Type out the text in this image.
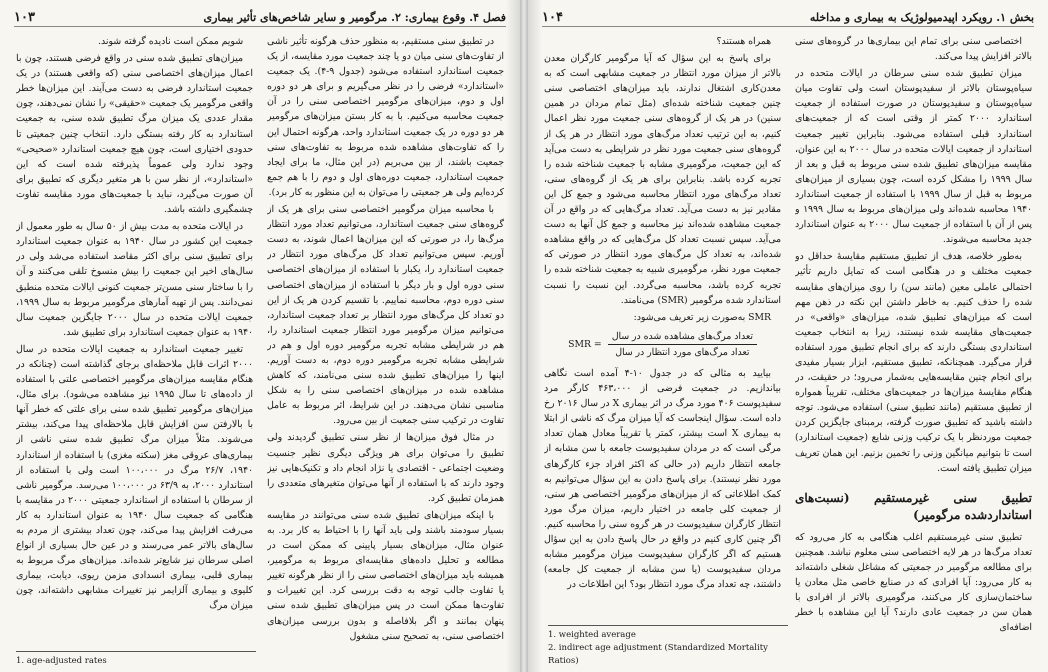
فصل ۴. وقوع بیماری: ۲. مرگومیر و سایر شاخص‌های تأثیر بیماری
۱۰۳

در تطبیق سنی مستقیم، به منظور حذف هرگونه تأثیر ناشی از تفاوت‌های سنی میان دو یا چند جمعیت مورد مقایسه، از یک جمعیت استاندارد استفاده می‌شود (جدول ۹-۴). یک جمعیت «استاندارد» فرضی را در نظر می‌گیریم و برای هر دو دوره اول و دوم، میزان‌های مرگومیر اختصاصی سنی را در آن جمعیت محاسبه می‌کنیم. با به کار بستن میزان‌های مرگومیر هر دو دوره در یک جمعیت استاندارد واحد، هرگونه احتمال این را که تفاوت‌های مشاهده شده مربوط به تفاوت‌های سنی جمعیت باشند، از بین می‌بریم (در این مثال، ما برای ایجاد جمعیت استاندارد، جمعیت دوره‌های اول و دوم را با هم جمع کرده‌ایم ولی هر جمعیتی را می‌توان به این منظور به کار برد).

با محاسبه میزان مرگومیر اختصاصی سنی برای هر یک از گروه‌های سنی جمعیت استاندارد، می‌توانیم تعداد مورد انتظار مرگ‌ها را، در صورتی که این میزان‌ها اعمال شوند، به دست آوریم. سپس می‌توانیم تعداد کل مرگ‌های مورد انتظار در جمعیت استاندارد را، یکبار با استفاده از میزان‌های اختصاصی سنی دوره اول و بار دیگر با استفاده از میزان‌های اختصاصی سنی دوره دوم، محاسبه نماییم. با تقسیم کردن هر یک از این دو تعداد کل مرگ‌های مورد انتظار بر تعداد جمعیت استاندارد، می‌توانیم میزان مرگومیر مورد انتظار جمعیت استاندارد را، هم در شرایطی مشابه تجربه مرگومیر دوره اول و هم در شرایطی مشابه تجربه مرگومیر دوره دوم، به دست آوریم. اینها را میزان‌های تطبیق شده سنی می‌نامند، که کاهش مشاهده شده در میزان‌های اختصاصی سنی را به شکل مناسبی نشان می‌دهند. در این شرایط، اثر مربوط به عامل تفاوت در ترکیب سنی جمعیت از بین می‌رود.

در مثال فوق میزان‌ها از نظر سنی تطبیق گردیدند ولی تطبیق را می‌توان برای هر ویژگی دیگری نظیر جنسیت وضعیت اجتماعی - اقتصادی یا نژاد انجام داد و تکنیک‌هایی نیز وجود دارند که با استفاده از آنها می‌توان متغیرهای متعددی را همزمان تطبیق کرد.

با اینکه میزان‌های تطبیق شده سنی می‌توانند در مقایسه بسیار سودمند باشند ولی باید آنها را با احتیاط به کار برد. به عنوان مثال، میزان‌های بسیار پایینی که ممکن است در مطالعه و تحلیل داده‌های مقایسه‌ای مربوط به مرگومیر، همیشه باید میزان‌های اختصاصی سنی را از نظر هرگونه تغییر یا تفاوت جالب توجه به دقت بررسی کرد. این تغییرات و تفاوت‌ها ممکن است در پس میزان‌های تطبیق شده سنی پنهان بمانند و اگر بلافاصله و بدون بررسی میزان‌های اختصاصی سنی، به تصحیح سنی مشغول

شویم ممکن است نادیده گرفته شوند.

میزان‌های تطبیق شده سنی در واقع فرضی هستند، چون با اعمال میزان‌های اختصاصی سنی (که واقعی هستند) در یک جمعیت استاندارد فرضی به دست می‌آیند. این میزان‌ها خطر واقعی مرگومیر یک جمعیت «حقیقی» را نشان نمی‌دهند، چون مقدار عددی یک میزان مرگ تطبیق شده سنی، به جمعیت استاندارد به کار رفته بستگی دارد. انتخاب چنین جمعیتی تا حدودی اختیاری است، چون هیچ جمعیت استاندارد «صحیحی» وجود ندارد ولی عموماً پذیرفته شده است که این «استاندارد»، از نظر سن با هر متغیر دیگری که تطبیق برای آن صورت می‌گیرد، نباید با جمعیت‌های مورد مقایسه تفاوت چشمگیری داشته باشد.

در ایالات متحده به مدت بیش از ۵۰ سال به طور معمول از جمعیت این کشور در سال ۱۹۴۰ به عنوان جمعیت استاندارد برای تطبیق سنی برای اکثر مقاصد استفاده می‌شد ولی در سال‌های اخیر این جمعیت را بیش منسوخ تلقی می‌کنند و آن را با ساختار سنی مسن‌تر جمعیت کنونی ایالات متحده منطبق نمی‌دانند. پس از تهیه آمارهای مرگومیر مربوط به سال ۱۹۹۹، جمعیت ایالات متحده در سال ۲۰۰۰ جایگزین جمعیت سال ۱۹۴۰ به عنوان جمعیت استاندارد برای تطبیق شد.

تغییر جمعیت استاندارد به جمعیت ایالات متحده در سال ۲۰۰۰ اثرات قابل ملاحظه‌ای برجای گذاشته است (چنانکه در هنگام مقایسه میزان‌های مرگومیر اختصاصی علتی با استفاده از داده‌های تا سال ۱۹۹۵ نیز مشاهده می‌شود). برای مثال، میزان‌های مرگومیر تطبیق شده سنی برای علتی که خطر آنها با بالارفتن سن افزایش قابل ملاحظه‌ای پیدا می‌کند، بیشتر می‌شوند. مثلاً میزان مرگ تطبیق شده سنی ناشی از بیماری‌های عروقی مغز (سکته مغزی) با استفاده از استاندارد ۱۹۴۰، ۲۶/۷ مرگ در ۱۰۰،۰۰۰ است ولی با استفاده از استاندارد ۲۰۰۰، به ۶۳/۹ در ۱۰۰،۰۰۰ می‌رسد. مرگومیر ناشی از سرطان با استفاده از استاندارد جمعیتی ۲۰۰۰ در مقایسه با هنگامی که جمعیت سال ۱۹۴۰ به عنوان استاندارد به کار می‌رفت افزایش پیدا می‌کند، چون تعداد بیشتری از مردم به سال‌های بالاتر عمر می‌رسند و در عین حال بسیاری از انواع اصلی سرطان نیز شایع‌تر شده‌اند. میزان‌های مرگ مربوط به بیماری قلبی، بیماری انسدادی مزمن ریوی، دیابت، بیماری کلیوی و بیماری آلزایمر نیز تغییرات مشابهی داشته‌اند، چون میزان مرگ

1. age-adjusted rates
بخش ۱. رویکرد اپیدمیولوژیک به بیماری و مداخله
۱۰۴

اختصاصی سنی برای تمام این بیماری‌ها در گروه‌های سنی بالاتر افزایش پیدا می‌کند.

میزان تطبیق شده سنی سرطان در ایالات متحده در سیاه‌پوستان بالاتر از سفیدپوستان است ولی تفاوت میان سیاه‌پوستان و سفیدپوستان در صورت استفاده از جمعیت استاندارد ۲۰۰۰ کمتر از وقتی است که از جمعیت‌های استاندارد قبلی استفاده می‌شود. بنابراین تغییر جمعیت استاندارد از جمعیت ایالات متحده در سال ۲۰۰۰ به این عنوان، مقایسه میزان‌های تطبیق شده سنی مربوط به قبل و بعد از سال ۱۹۹۹ را مشکل کرده است، چون بسیاری از میزان‌های مربوط به قبل از سال ۱۹۹۹ با استفاده از جمعیت استاندارد ۱۹۴۰ محاسبه شده‌اند ولی میزان‌های مربوط به سال ۱۹۹۹ و پس از آن با استفاده از جمعیت سال ۲۰۰۰ به عنوان استاندارد جدید محاسبه می‌شوند.

به‌طور خلاصه، هدف از تطبیق مستقیم مقایسهٔ حداقل دو جمعیت مختلف و در هنگامی است که تمایل داریم تأثیر احتمالی عاملی معین (مانند سن) را روی میزان‌های مقایسه شده را حذف کنیم. به خاطر داشتن این نکته در ذهن مهم است که میزان‌های تطبیق شده، میزان‌های «واقعی» در جمعیت‌های مقایسه شده نیستند، زیرا به انتخاب جمعیت استانداردی بستگی دارند که برای انجام تطبیق مورد استفاده قرار می‌گیرد. همچنانکه، تطبیق مستقیم، ابزار بسیار مفیدی برای انجام چنین مقایسه‌هایی به‌شمار می‌رود؛ در حقیقت، در هنگام مقایسهٔ میزان‌ها در جمعیت‌های مختلف، تقریباً همواره از تطبیق مستقیم (مانند تطبیق سنی) استفاده می‌شود. توجه داشته باشید که تطبیق صورت گرفته، برمبنای جایگزین کردن جمعیت موردنظر با یک ترکیب وزنی شایع (جمعیت استاندارد) است تا بتوانیم میانگین وزنی را تخمین بزنیم. این همان تعریف میزان تطبیق یافته است.

تطبیق سنی غیرمستقیم (نسبت‌های استانداردشده مرگومیر)

تطبیق سنی غیرمستقیم اغلب هنگامی به کار می‌رود که تعداد مرگ‌ها در هر لایه اختصاصی سنی معلوم نباشد. همچنین برای مطالعه مرگومیر در جمعیتی که مشاغل شغلی داشته‌اند به کار می‌رود: آیا افرادی که در صنایع خاصی مثل معادن یا ساختمان‌سازی کار می‌کنند، مرگومیری بالاتر از افرادی با همان سن در جمعیت عادی دارند؟ آیا این مشاهده با خطر اضافه‌ای

همراه هستند؟

برای پاسخ به این سؤال که آیا مرگومیر کارگران معدن بالاتر از میزان مورد انتظار در جمعیت مشابهی است که به معدن‌کاری اشتغال ندارند، باید میزان‌های اختصاصی سنی چنین جمعیت شناخته شده‌ای (مثل تمام مردان در همین سنین) در هر یک از گروه‌های سنی جمعیت مورد نظر اعمال کنیم، به این ترتیب تعداد مرگ‌های مورد انتظار در هر یک از گروه‌های سنی جمعیت مورد نظر در شرایطی به دست می‌آید که این جمعیت، مرگومیری مشابه با جمعیت شناخته شده را تجربه کرده باشد. بنابراین برای هر یک از گروه‌های سنی، تعداد مرگ‌های مورد انتظار محاسبه می‌شود و جمع کل این مقادیر نیز به دست می‌آید. تعداد مرگ‌هایی که در واقع در آن جمعیت مشاهده شده‌اند نیز محاسبه و جمع کل آنها به دست می‌آید. سپس نسبت تعداد کل مرگ‌هایی که در واقع مشاهده شده‌اند، به تعداد کل مرگ‌های مورد انتظار در صورتی که جمعیت مورد نظر، مرگومیری شبیه به جمعیت شناخته شده را تجربه کرده باشد، محاسبه می‌گردد. این نسبت را نسبت استاندارد شده مرگومیر (SMR) می‌نامند.

SMR به‌صورت زیر تعریف می‌شود:

$\frac{\text{تعداد مرگ‌های مشاهده شده در سال}}{\text{تعداد مرگ‌های مورد انتظار در سال}}$
SMR =

بیایید به مثالی که در جدول ۱۰-۴ آمده است نگاهی بیاندازیم. در جمعیت فرضی از ۴۶۳،۰۰۰ کارگر مرد سفیدپوست ۴۰۶ مورد مرگ در اثر بیماری X در سال ۲۰۱۶ رخ داده است. سؤال اینجاست که آیا میزان مرگ که ناشی از ابتلا به بیماری X است بیشتر، کمتر یا تقریباً معادل همان تعداد مرگی است که در مردان سفیدپوست جامعه با سن مشابه از جامعه انتظار داریم (در حالی که اکثر افراد جزء کارگرهای مورد نظر نیستند). برای پاسخ دادن به این سؤال می‌توانیم به کمک اطلاعاتی که از میزان‌های مرگومیر اختصاصی هر سنی، از جمعیت کلی جامعه در اختیار داریم، میزان مرگ مورد انتظار کارگران سفیدپوست در هر گروه سنی را محاسبه کنیم. اگر چنین کاری کنیم در واقع در حال پاسخ دادن به این سؤال هستیم که اگر کارگران سفیدپوست میزان مرگومیر مشابه مردان سفیدپوست (یا سن مشابه از جمعیت کل جامعه) داشتند، چه تعداد مرگ مورد انتظار بود؟ این اطلاعات در

1. weighted average
2. indirect age adjustment (Standardized Mortality Ratios)
